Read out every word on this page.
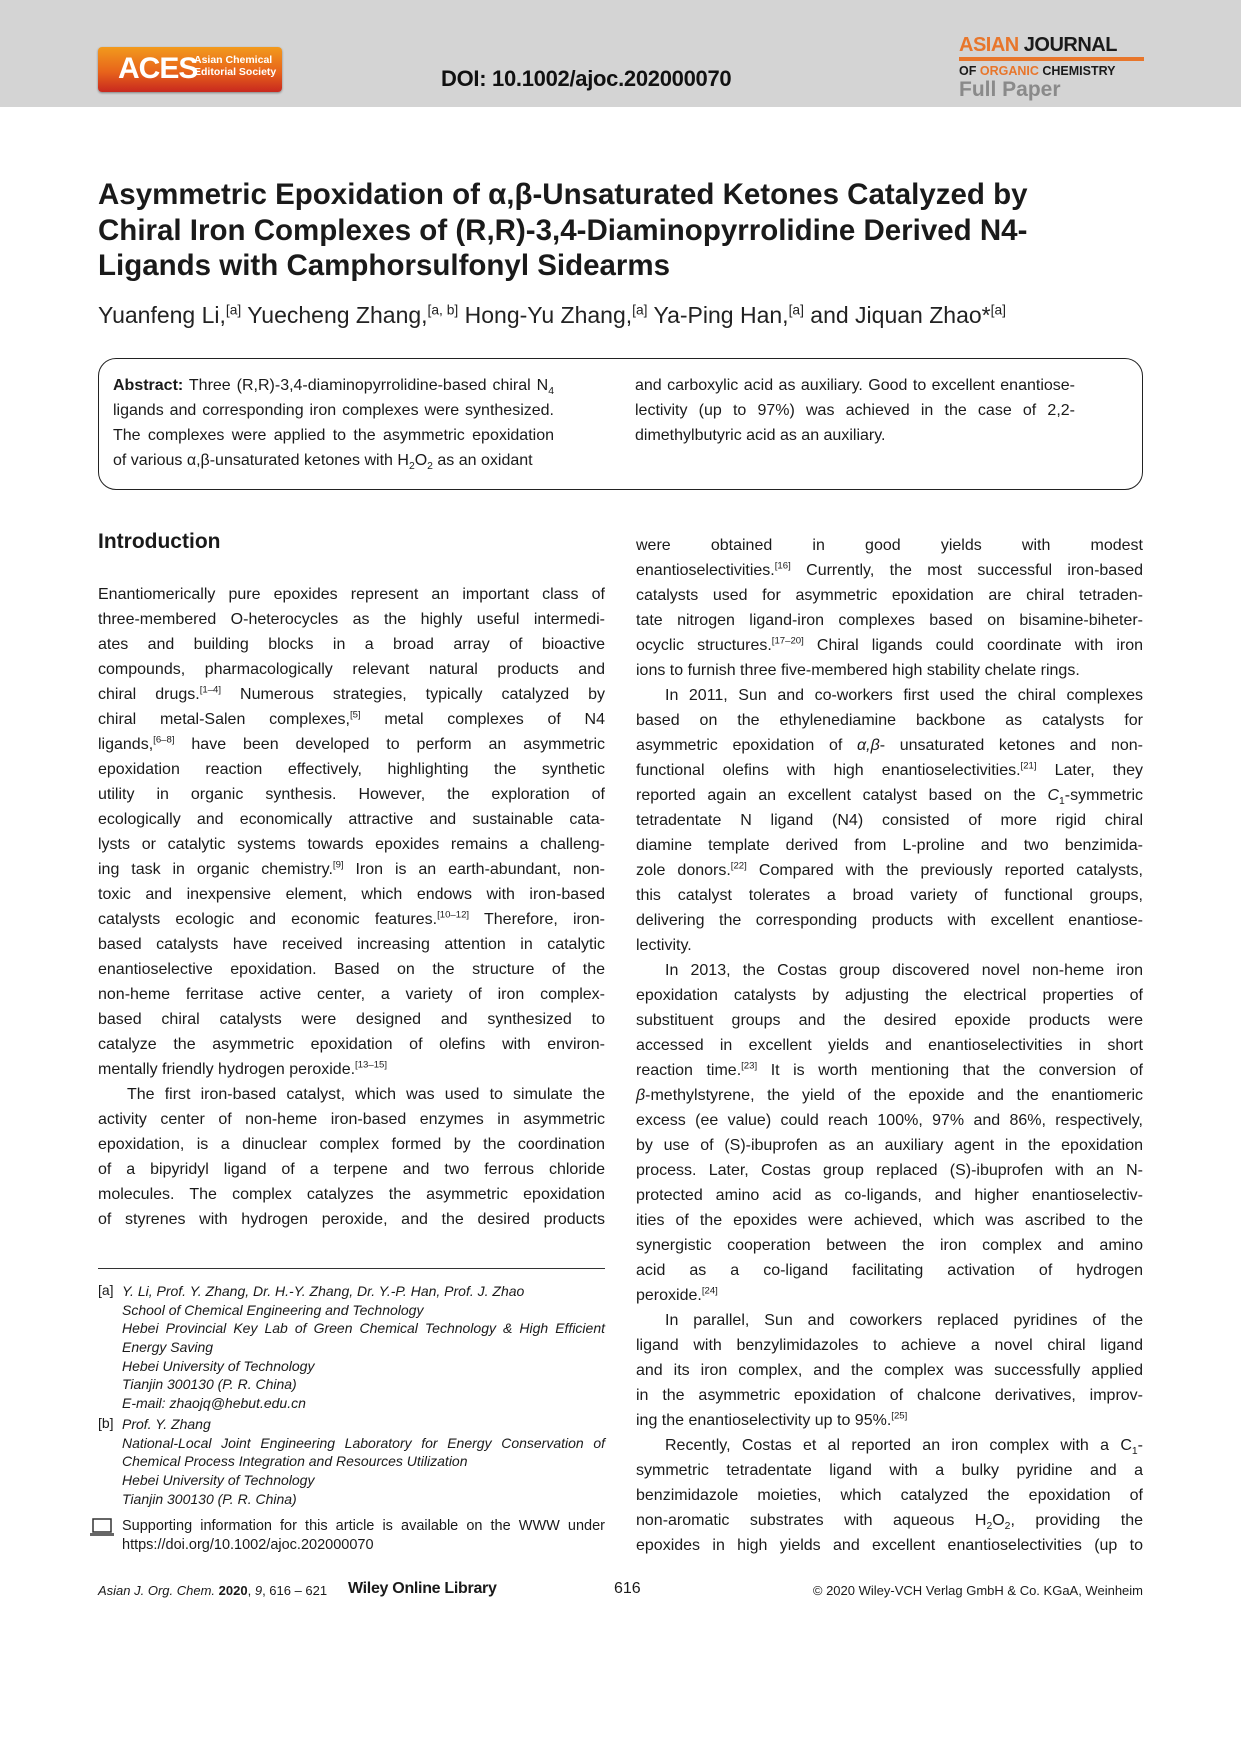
ACES
Asian Chemical
Editorial Society	DOI: 10.1002/ajoc.202000070
ASIAN JOURNAL
OF ORGANIC CHEMISTRY
Full Paper
Asymmetric Epoxidation of α,β-Unsaturated Ketones Catalyzed by
Chiral Iron Complexes of (R,R)-3,4-Diaminopyrrolidine Derived N4-
Ligands with Camphorsulfonyl Sidearms
Yuanfeng Li,[a] Yuecheng Zhang,[a, b] Hong-Yu Zhang,[a] Ya-Ping Han,[a] and Jiquan Zhao*[a]
Abstract: Three (R,R)-3,4-diaminopyrrolidine-based chiral $N_4$
ligands and corresponding iron complexes were synthesized.
The complexes were applied to the asymmetric epoxidation
of various α,β-unsaturated ketones with $H_2O_2$ as an oxidant
and carboxylic acid as auxiliary. Good to excellent enantiose-
lectivity (up to 97%) was achieved in the case of 2,2-
dimethylbutyric acid as an auxiliary.
Introduction
Enantiomerically pure epoxides represent an important class of
three-membered O-heterocycles as the highly useful intermedi-
ates and building blocks in a broad array of bioactive
compounds, pharmacologically relevant natural products and
chiral drugs.[1–4] Numerous strategies, typically catalyzed by
chiral metal-Salen complexes,[5] metal complexes of N4
ligands,[6–8] have been developed to perform an asymmetric
epoxidation reaction effectively, highlighting the synthetic
utility in organic synthesis. However, the exploration of
ecologically and economically attractive and sustainable cata-
lysts or catalytic systems towards epoxides remains a challeng-
ing task in organic chemistry.[9] Iron is an earth-abundant, non-
toxic and inexpensive element, which endows with iron-based
catalysts ecologic and economic features.[10–12] Therefore, iron-
based catalysts have received increasing attention in catalytic
enantioselective epoxidation. Based on the structure of the
non-heme ferritase active center, a variety of iron complex-
based chiral catalysts were designed and synthesized to
catalyze the asymmetric epoxidation of olefins with environ-
mentally friendly hydrogen peroxide.[13–15]
The first iron-based catalyst, which was used to simulate the
activity center of non-heme iron-based enzymes in asymmetric
epoxidation, is a dinuclear complex formed by the coordination
of a bipyridyl ligand of a terpene and two ferrous chloride
molecules. The complex catalyzes the asymmetric epoxidation
of styrenes with hydrogen peroxide, and the desired products
were obtained in good yields with modest
enantioselectivities.[16] Currently, the most successful iron-based
catalysts used for asymmetric epoxidation are chiral tetraden-
tate nitrogen ligand-iron complexes based on bisamine-biheter-
ocyclic structures.[17–20] Chiral ligands could coordinate with iron
ions to furnish three five-membered high stability chelate rings.
In 2011, Sun and co-workers first used the chiral complexes
based on the ethylenediamine backbone as catalysts for
asymmetric epoxidation of α,β- unsaturated ketones and non-
functional olefins with high enantioselectivities.[21] Later, they
reported again an excellent catalyst based on the $C_1$-symmetric
tetradentate N ligand (N4) consisted of more rigid chiral
diamine template derived from L-proline and two benzimida-
zole donors.[22] Compared with the previously reported catalysts,
this catalyst tolerates a broad variety of functional groups,
delivering the corresponding products with excellent enantiose-
lectivity.
In 2013, the Costas group discovered novel non-heme iron
epoxidation catalysts by adjusting the electrical properties of
substituent groups and the desired epoxide products were
accessed in excellent yields and enantioselectivities in short
reaction time.[23] It is worth mentioning that the conversion of
β-methylstyrene, the yield of the epoxide and the enantiomeric
excess (ee value) could reach 100%, 97% and 86%, respectively,
by use of (S)-ibuprofen as an auxiliary agent in the epoxidation
process. Later, Costas group replaced (S)-ibuprofen with an N-
protected amino acid as co-ligands, and higher enantioselectiv-
ities of the epoxides were achieved, which was ascribed to the
synergistic cooperation between the iron complex and amino
acid as a co-ligand facilitating activation of hydrogen
peroxide.[24]
In parallel, Sun and coworkers replaced pyridines of the
ligand with benzylimidazoles to achieve a novel chiral ligand
and its iron complex, and the complex was successfully applied
in the asymmetric epoxidation of chalcone derivatives, improv-
ing the enantioselectivity up to 95%.[25]
Recently, Costas et al reported an iron complex with a $C_1-$
symmetric tetradentate ligand with a bulky pyridine and a
benzimidazole moieties, which catalyzed the epoxidation of
non-aromatic substrates with aqueous $H_2O_2$, providing the
epoxides in high yields and excellent enantioselectivities (up to
[a] Y. Li, Prof. Y. Zhang, Dr. H.-Y. Zhang, Dr. Y.-P. Han, Prof. J. Zhao
School of Chemical Engineering and Technology
Hebei Provincial Key Lab of Green Chemical Technology & High Efficient
Energy Saving
Hebei University of Technology
Tianjin 300130 (P. R. China)
E-mail: zhaojq@hebut.edu.cn
[b] Prof. Y. Zhang
National-Local Joint Engineering Laboratory for Energy Conservation of
Chemical Process Integration and Resources Utilization
Hebei University of Technology
Tianjin 300130 (P. R. China)
Supporting information for this article is available on the WWW under
https://doi.org/10.1002/ajoc.202000070
Asian J. Org. Chem. 2020, 9, 616 – 621 Wiley Online Library	616	© 2020 Wiley-VCH Verlag GmbH & Co. KGaA, Weinheim
